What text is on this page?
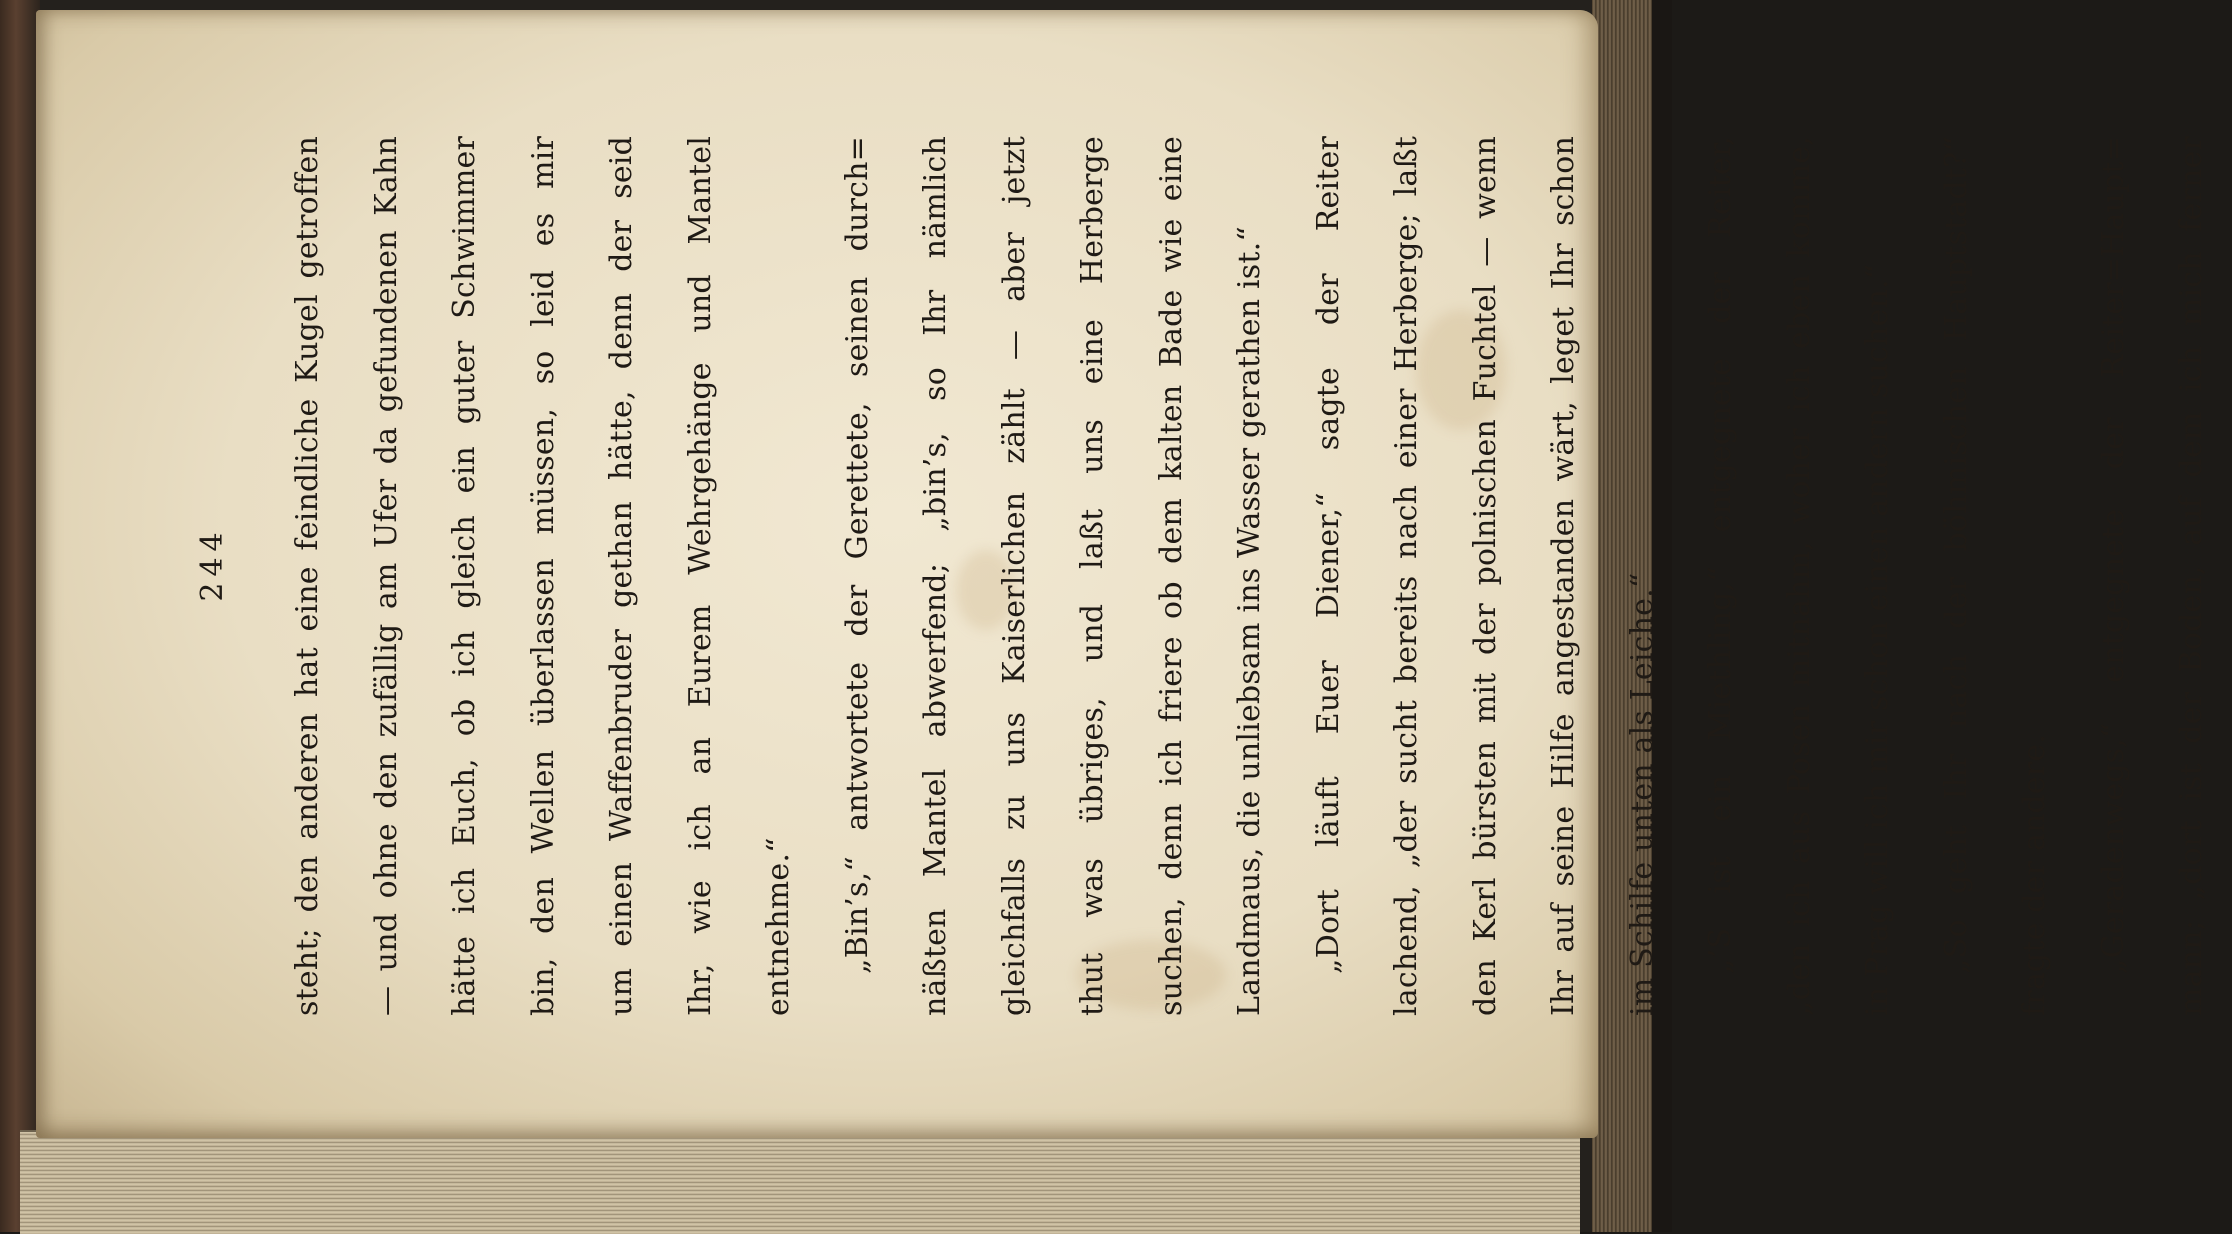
244	steht; den anderen hat eine feindliche Kugel getroffen	— und ohne den zufällig am Ufer da gefundenen Kahn	hätte ich Euch, ob ich gleich ein guter Schwimmer	bin, den Wellen überlassen müssen, so leid es mir	um einen Waffenbruder gethan hätte, denn der seid	Ihr, wie ich an Eurem Wehrgehänge und Mantel	entnehme.“	„Bin’s,“ antwortete der Gerettete, seinen durch=	näßten Mantel abwerfend; „bin’s, so Ihr nämlich	gleichfalls zu uns Kaiserlichen zählt — aber jetzt	thut was übriges, und laßt uns eine Herberge	suchen, denn ich friere ob dem kalten Bade wie eine	Landmaus, die unliebsam ins Wasser gerathen ist.“	„Dort läuft Euer Diener,“ sagte der Reiter	lachend, „der sucht bereits nach einer Herberge; laßt	den Kerl bürsten mit der polnischen Fuchtel — wenn	Ihr auf seine Hilfe angestanden wärt, leget Ihr schon	im Schilfe unten als Leiche.“	„’S ist ein Miethling,“ entgegnete der Reiter,	„den ich aus Posen mitnahm, woher ich eben komme,	in Prag will ich mir schon einen andern suchen.“	„So geht Ihr nach der böhmischen Hauptstadt?“	fragte der andere.	„Geradenwegs,“ entgegnete der Reiter=Haupt=	mann; „dort ist der Boden, auf dem ich mich ferner
